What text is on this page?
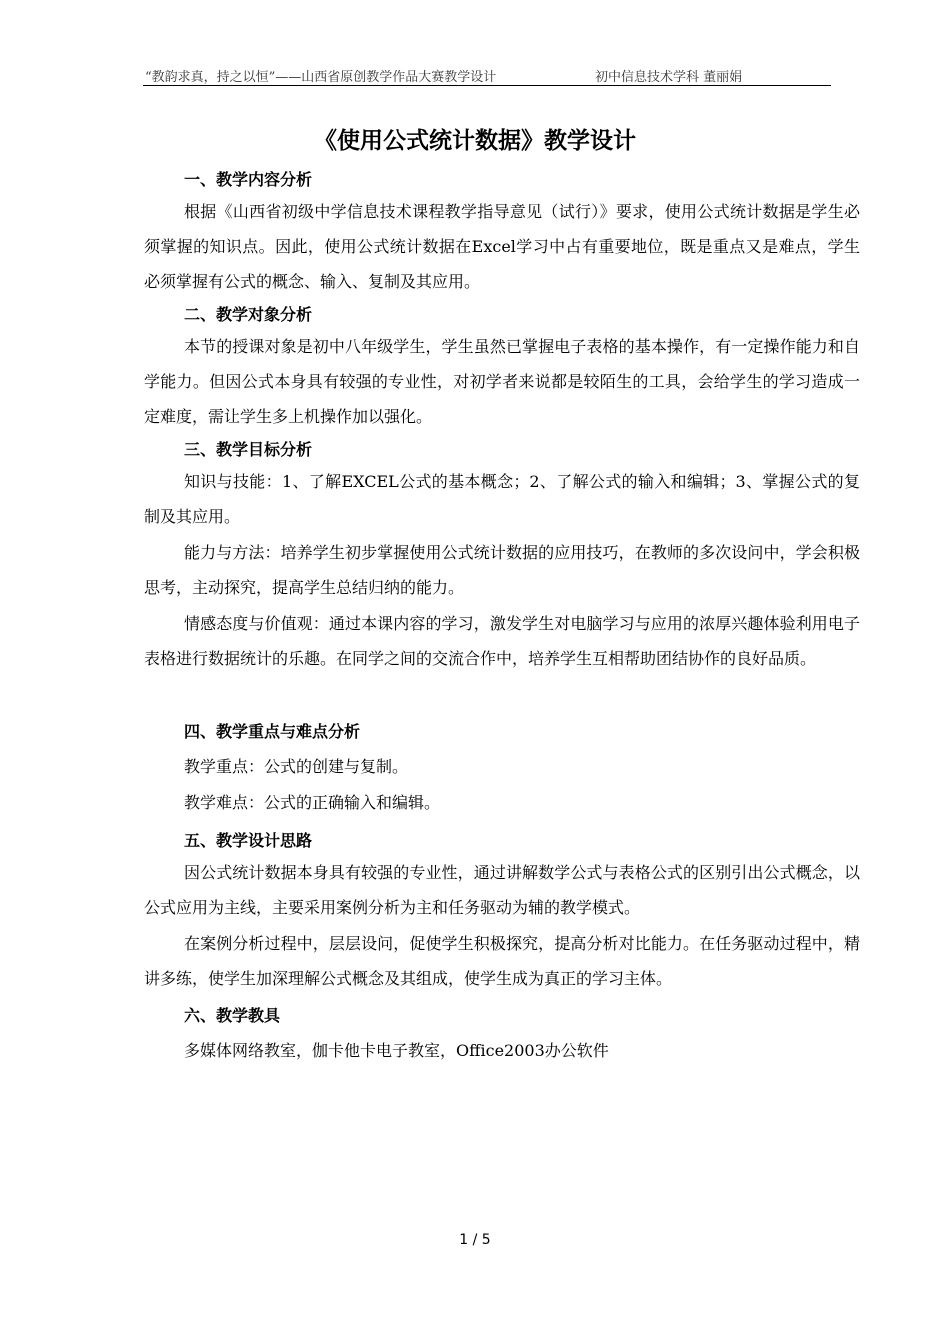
“教韵求真，持之以恒”——山西省原创教学作品大赛教学设计	初中信息技术学科 董丽娟
《使用公式统计数据》教学设计
一、教学内容分析
根据《山西省初级中学信息技术课程教学指导意见（试行）》要求，使用公式统计数据是学生必须掌握的知识点。因此，使用公式统计数据在Excel学习中占有重要地位，既是重点又是难点，学生必须掌握有公式的概念、输入、复制及其应用。
二、教学对象分析
本节的授课对象是初中八年级学生，学生虽然已掌握电子表格的基本操作，有一定操作能力和自学能力。但因公式本身具有较强的专业性，对初学者来说都是较陌生的工具，会给学生的学习造成一定难度，需让学生多上机操作加以强化。
三、教学目标分析
知识与技能：1、了解EXCEL公式的基本概念；2、了解公式的输入和编辑；3、掌握公式的复制及其应用。
能力与方法：培养学生初步掌握使用公式统计数据的应用技巧，在教师的多次设问中，学会积极思考，主动探究，提高学生总结归纳的能力。
情感态度与价值观：通过本课内容的学习，激发学生对电脑学习与应用的浓厚兴趣体验利用电子表格进行数据统计的乐趣。在同学之间的交流合作中，培养学生互相帮助团结协作的良好品质。
四、教学重点与难点分析
教学重点：公式的创建与复制。
教学难点：公式的正确输入和编辑。
五、教学设计思路
因公式统计数据本身具有较强的专业性，通过讲解数学公式与表格公式的区别引出公式概念，以公式应用为主线，主要采用案例分析为主和任务驱动为辅的教学模式。
在案例分析过程中，层层设问，促使学生积极探究，提高分析对比能力。在任务驱动过程中，精讲多练，使学生加深理解公式概念及其组成，使学生成为真正的学习主体。
六、教学教具
多媒体网络教室，伽卡他卡电子教室，Office2003办公软件
1 / 5
